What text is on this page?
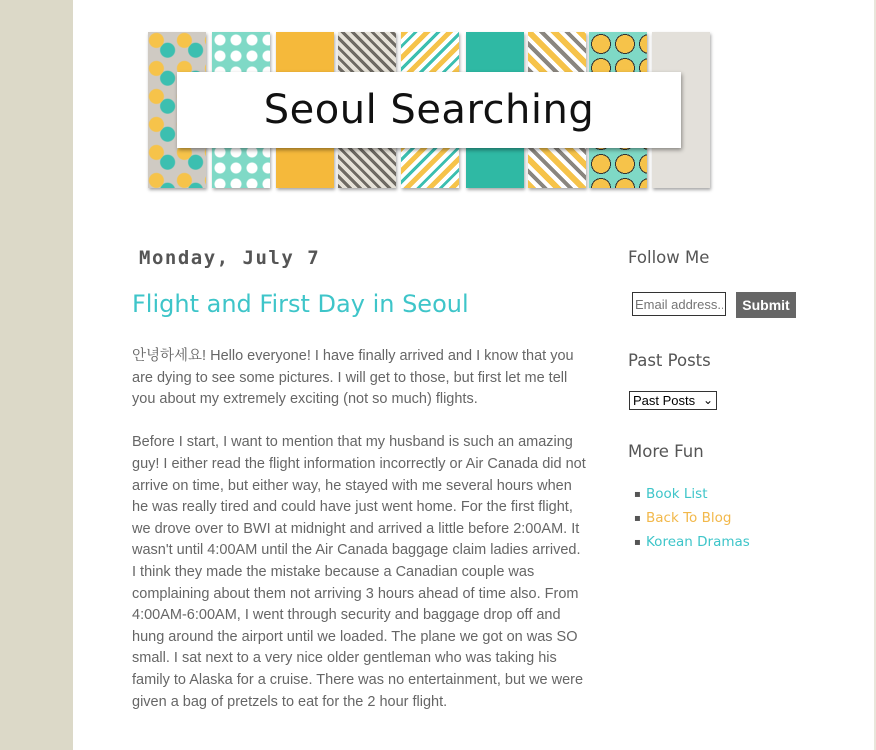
Seoul Searching
Monday, July 7
Flight and First Day in Seoul

안녕하세요! Hello everyone! I have finally arrived and I know that you are dying to see some pictures. I will get to those, but first let me tell you about my extremely exciting (not so much) flights.

Before I start, I want to mention that my husband is such an amazing guy! I either read the flight information incorrectly or Air Canada did not arrive on time, but either way, he stayed with me several hours when he was really tired and could have just went home. For the first flight, we drove over to BWI at midnight and arrived a little before 2:00AM. It wasn't until 4:00AM until the Air Canada baggage claim ladies arrived. I think they made the mistake because a Canadian couple was complaining about them not arriving 3 hours ahead of time also. From 4:00AM-6:00AM, I went through security and baggage drop off and hung around the airport until we loaded. The plane we got on was SO small. I sat next to a very nice older gentleman who was taking his family to Alaska for a cruise. There was no entertainment, but we were given a bag of pretzels to eat for the 2 hour flight.

Follow Me
Email address...
Submit
Past Posts
Past Posts ⌄
More Fun
▪ Book List
▪ Back To Blog
▪ Korean Dramas
